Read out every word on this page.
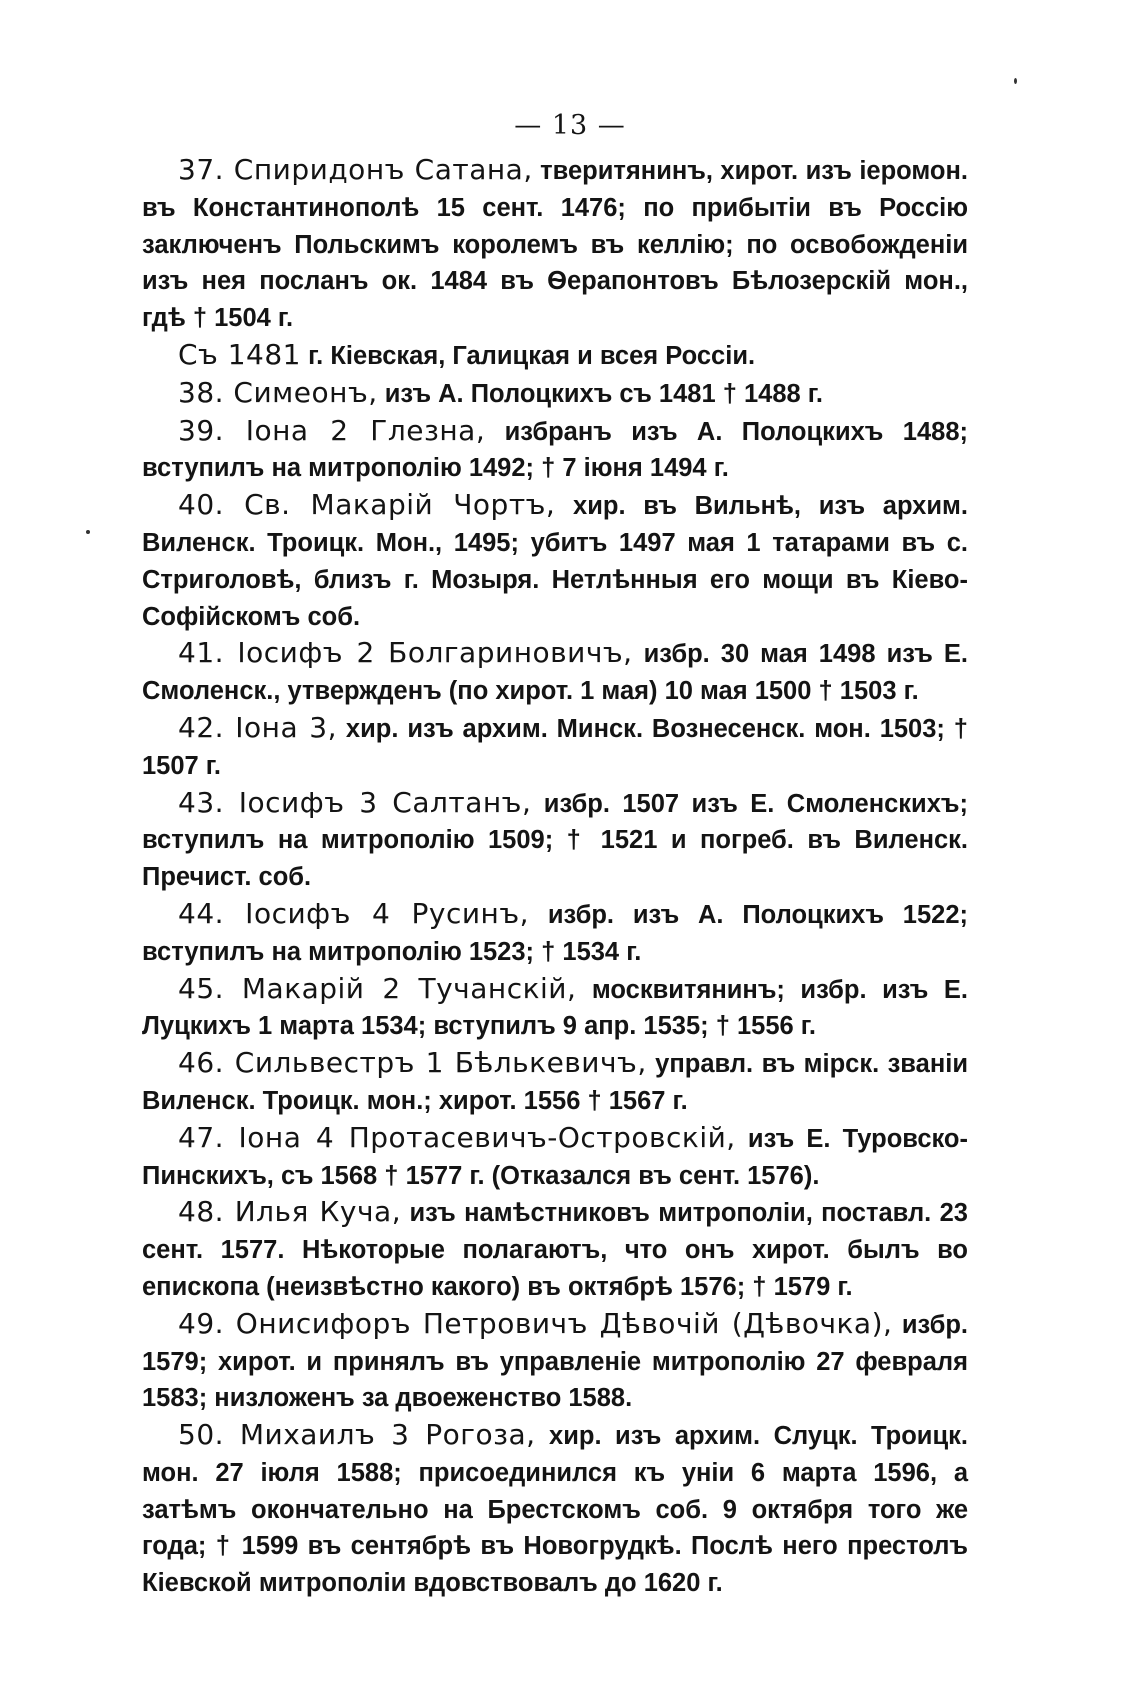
— 13 —

37. Спиридонъ Сатана, тверитянинъ, хирот. изъ іеромон. въ Константинополѣ 15 сент. 1476; по прибытіи въ Россію заключенъ Польскимъ королемъ въ келлію; по освобожденіи изъ нея посланъ ок. 1484 въ Ѳерапонтовъ Бѣлозерскій мон., гдѣ † 1504 г.

Съ 1481 г. Кіевская, Галицкая и всея Россіи.

38. Симеонъ, изъ А. Полоцкихъ съ 1481 † 1488 г.

39. Іона 2 Глезна, избранъ изъ А. Полоцкихъ 1488; вступилъ на митрополію 1492; † 7 іюня 1494 г.

40. Св. Макарій Чортъ, хир. въ Вильнѣ, изъ архим. Виленск. Троицк. Мон., 1495; убитъ 1497 мая 1 татарами въ с. Стриголовѣ, близъ г. Мозыря. Нетлѣнныя его мощи въ Кіево-Софійскомъ соб.

41. Іосифъ 2 Болгариновичъ, избр. 30 мая 1498 изъ Е. Смоленск., утвержденъ (по хирот. 1 мая) 10 мая 1500 † 1503 г.

42. Іона 3, хир. изъ архим. Минск. Вознесенск. мон. 1503; † 1507 г.

43. Іосифъ 3 Салтанъ, избр. 1507 изъ Е. Смоленскихъ; вступилъ на митрополію 1509; † 1521 и погреб. въ Виленск. Пречист. соб.

44. Іосифъ 4 Русинъ, избр. изъ А. Полоцкихъ 1522; вступилъ на митрополію 1523; † 1534 г.

45. Макарій 2 Тучанскій, москвитянинъ; избр. изъ Е. Луцкихъ 1 марта 1534; вступилъ 9 апр. 1535; † 1556 г.

46. Сильвестръ 1 Бѣлькевичъ, управл. въ мірск. званіи Виленск. Троицк. мон.; хирот. 1556 † 1567 г.

47. Іона 4 Протасевичъ-Островскій, изъ Е. Туровско-Пинскихъ, съ 1568 † 1577 г. (Отказался въ сент. 1576).

48. Илья Куча, изъ намѣстниковъ митрополіи, поставл. 23 сент. 1577. Нѣкоторые полагаютъ, что онъ хирот. былъ во епископа (неизвѣстно какого) въ октябрѣ 1576; † 1579 г.

49. Онисифоръ Петровичъ Дѣвочій (Дѣвочка), избр. 1579; хирот. и принялъ въ управленіе митрополію 27 февраля 1583; низложенъ за двоеженство 1588.

50. Михаилъ 3 Рогоза, хир. изъ архим. Слуцк. Троицк. мон. 27 іюля 1588; присоединился къ уніи 6 марта 1596, а затѣмъ окончательно на Брестскомъ соб. 9 октября того же года; † 1599 въ сентябрѣ въ Новогрудкѣ. Послѣ него престолъ Кіевской митрополіи вдовствовалъ до 1620 г.
